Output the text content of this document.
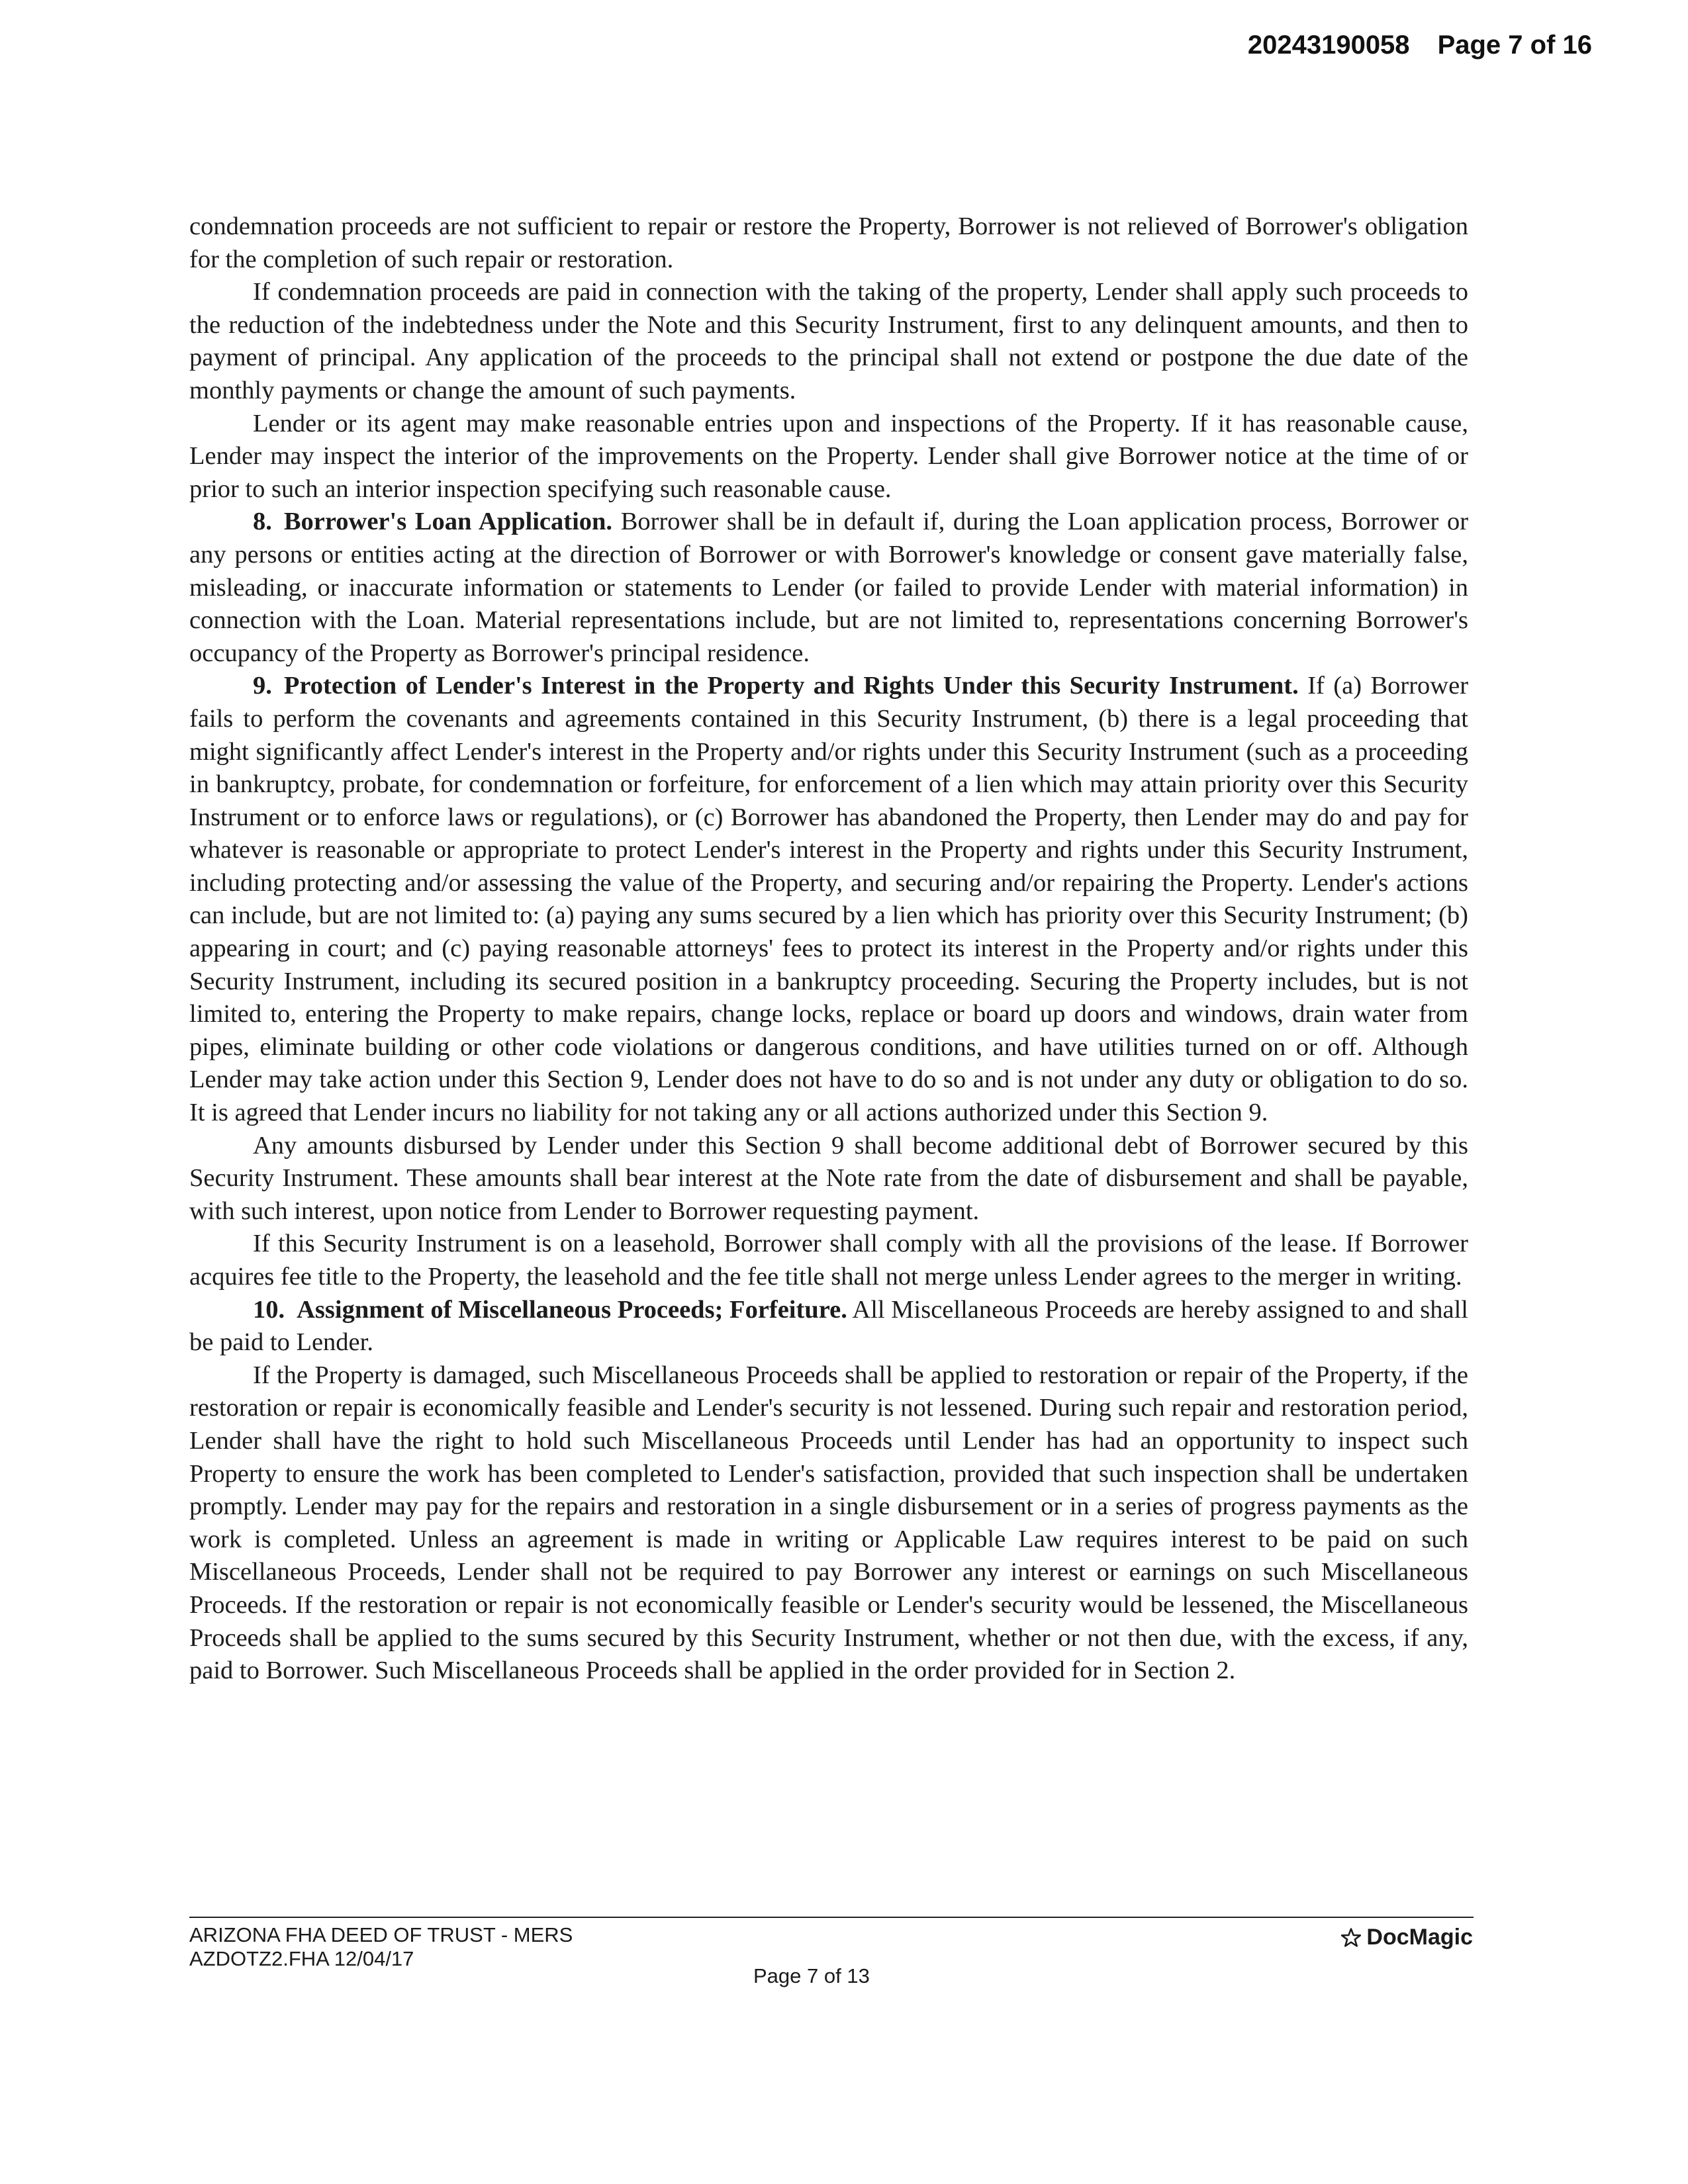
20243190058 Page 7 of 16

condemnation proceeds are not sufficient to repair or restore the Property, Borrower is not relieved of Borrower's obligation for the completion of such repair or restoration.

If condemnation proceeds are paid in connection with the taking of the property, Lender shall apply such proceeds to the reduction of the indebtedness under the Note and this Security Instrument, first to any delinquent amounts, and then to payment of principal. Any application of the proceeds to the principal shall not extend or postpone the due date of the monthly payments or change the amount of such payments.

Lender or its agent may make reasonable entries upon and inspections of the Property. If it has reasonable cause, Lender may inspect the interior of the improvements on the Property. Lender shall give Borrower notice at the time of or prior to such an interior inspection specifying such reasonable cause.

8. Borrower's Loan Application. Borrower shall be in default if, during the Loan application process, Borrower or any persons or entities acting at the direction of Borrower or with Borrower's knowledge or consent gave materially false, misleading, or inaccurate information or statements to Lender (or failed to provide Lender with material information) in connection with the Loan. Material representations include, but are not limited to, representations concerning Borrower's occupancy of the Property as Borrower's principal residence.

9. Protection of Lender's Interest in the Property and Rights Under this Security Instrument. If (a) Borrower fails to perform the covenants and agreements contained in this Security Instrument, (b) there is a legal proceeding that might significantly affect Lender's interest in the Property and/or rights under this Security Instrument (such as a proceeding in bankruptcy, probate, for condemnation or forfeiture, for enforcement of a lien which may attain priority over this Security Instrument or to enforce laws or regulations), or (c) Borrower has abandoned the Property, then Lender may do and pay for whatever is reasonable or appropriate to protect Lender's interest in the Property and rights under this Security Instrument, including protecting and/or assessing the value of the Property, and securing and/or repairing the Property. Lender's actions can include, but are not limited to: (a) paying any sums secured by a lien which has priority over this Security Instrument; (b) appearing in court; and (c) paying reasonable attorneys' fees to protect its interest in the Property and/or rights under this Security Instrument, including its secured position in a bankruptcy proceeding. Securing the Property includes, but is not limited to, entering the Property to make repairs, change locks, replace or board up doors and windows, drain water from pipes, eliminate building or other code violations or dangerous conditions, and have utilities turned on or off. Although Lender may take action under this Section 9, Lender does not have to do so and is not under any duty or obligation to do so. It is agreed that Lender incurs no liability for not taking any or all actions authorized under this Section 9.

Any amounts disbursed by Lender under this Section 9 shall become additional debt of Borrower secured by this Security Instrument. These amounts shall bear interest at the Note rate from the date of disbursement and shall be payable, with such interest, upon notice from Lender to Borrower requesting payment.

If this Security Instrument is on a leasehold, Borrower shall comply with all the provisions of the lease. If Borrower acquires fee title to the Property, the leasehold and the fee title shall not merge unless Lender agrees to the merger in writing.

10. Assignment of Miscellaneous Proceeds; Forfeiture. All Miscellaneous Proceeds are hereby assigned to and shall be paid to Lender.

If the Property is damaged, such Miscellaneous Proceeds shall be applied to restoration or repair of the Property, if the restoration or repair is economically feasible and Lender's security is not lessened. During such repair and restoration period, Lender shall have the right to hold such Miscellaneous Proceeds until Lender has had an opportunity to inspect such Property to ensure the work has been completed to Lender's satisfaction, provided that such inspection shall be undertaken promptly. Lender may pay for the repairs and restoration in a single disbursement or in a series of progress payments as the work is completed. Unless an agreement is made in writing or Applicable Law requires interest to be paid on such Miscellaneous Proceeds, Lender shall not be required to pay Borrower any interest or earnings on such Miscellaneous Proceeds. If the restoration or repair is not economically feasible or Lender's security would be lessened, the Miscellaneous Proceeds shall be applied to the sums secured by this Security Instrument, whether or not then due, with the excess, if any, paid to Borrower. Such Miscellaneous Proceeds shall be applied in the order provided for in Section 2.

ARIZONA FHA DEED OF TRUST - MERS
AZDOTZ2.FHA 12/04/17
Page 7 of 13
DocMagic
